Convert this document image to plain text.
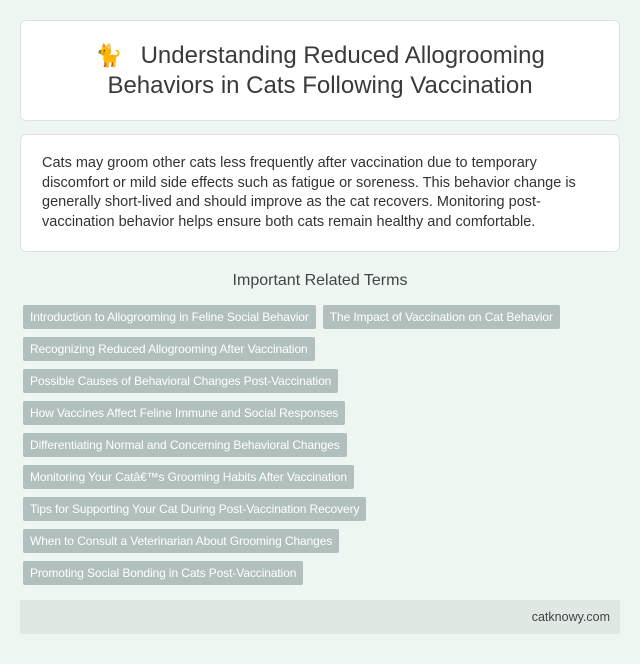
🐈 Understanding Reduced Allogrooming Behaviors in Cats Following Vaccination

Cats may groom other cats less frequently after vaccination due to temporary discomfort or mild side effects such as fatigue or soreness. This behavior change is generally short-lived and should improve as the cat recovers. Monitoring post-vaccination behavior helps ensure both cats remain healthy and comfortable.

Important Related Terms
Introduction to Allogrooming in Feline Social Behavior	The Impact of Vaccination on Cat Behavior
Recognizing Reduced Allogrooming After Vaccination
Possible Causes of Behavioral Changes Post-Vaccination
How Vaccines Affect Feline Immune and Social Responses
Differentiating Normal and Concerning Behavioral Changes
Monitoring Your Catâ€™s Grooming Habits After Vaccination
Tips for Supporting Your Cat During Post-Vaccination Recovery
When to Consult a Veterinarian About Grooming Changes
Promoting Social Bonding in Cats Post-Vaccination
catknowy.com
